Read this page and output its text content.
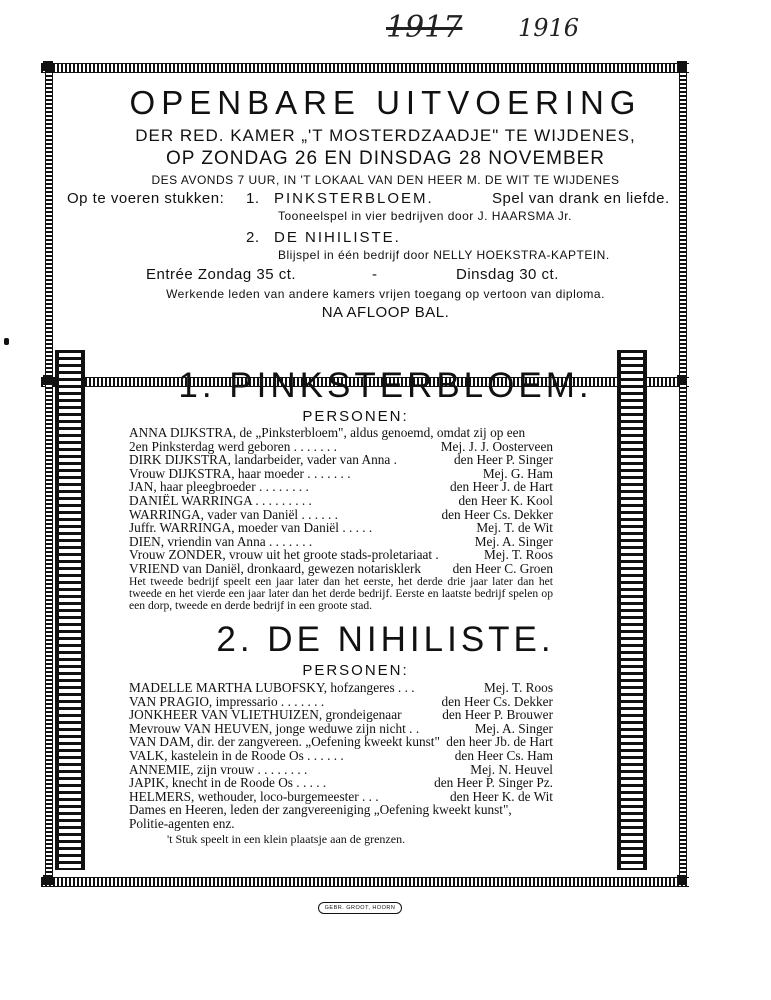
1917 1916
OPENBARE UITVOERING
DER RED. KAMER „'T MOSTERDZAADJE" TE WIJDENES,
OP ZONDAG 26 EN DINSDAG 28 NOVEMBER
DES AVONDS 7 UUR, IN 'T LOKAAL VAN DEN HEER M. DE WIT TE WIJDENES
Op te voeren stukken: 1. PINKSTERBLOEM.	Spel van drank en liefde.
Tooneelspel in vier bedrijven door J. HAARSMA Jr.
2. DE NIHILISTE.
Blijspel in één bedrijf door NELLY HOEKSTRA-KAPTEIN.
Entrée Zondag 35 ct.	-	Dinsdag 30 ct.
Werkende leden van andere kamers vrijen toegang op vertoon van diploma.
NA AFLOOP BAL.
1. PINKSTERBLOEM.
PERSONEN:
ANNA DIJKSTRA, de „Pinksterbloem", aldus genoemd, omdat zij op een
2en Pinksterdag werd geboren . . . . . . .	Mej. J. J. Oosterveen
DIRK DIJKSTRA, landarbeider, vader van Anna .	den Heer P. Singer
Vrouw DIJKSTRA, haar moeder . . . . . . .	Mej. G. Ham
JAN, haar pleegbroeder . . . . . . . .	den Heer J. de Hart
DANIËL WARRINGA . . . . . . . . .	den Heer K. Kool
WARRINGA, vader van Daniël . . . . . .	den Heer Cs. Dekker
Juffr. WARRINGA, moeder van Daniël . . . . .	Mej. T. de Wit
DIEN, vriendin van Anna . . . . . . .	Mej. A. Singer
Vrouw ZONDER, vrouw uit het groote stads-proletariaat .	Mej. T. Roos
VRIEND van Daniël, dronkaard, gewezen notarisklerk den Heer C. Groen
Het tweede bedrijf speelt een jaar later dan het eerste, het derde drie jaar later dan het tweede en het vierde een jaar later dan het derde bedrijf. Eerste en laatste bedrijf spelen op een dorp, tweede en derde bedrijf in een groote stad.
2. DE NIHILISTE.
PERSONEN:
MADELLE MARTHA LUBOFSKY, hofzangeres . . .	Mej. T. Roos
VAN PRAGIO, impressario . . . . . . .	den Heer Cs. Dekker
JONKHEER VAN VLIETHUIZEN, grondeigenaar	den Heer P. Brouwer
Mevrouw VAN HEUVEN, jonge weduwe zijn nicht . .	Mej. A. Singer
VAN DAM, dir. der zangvereen. „Oefening kweekt kunst" den heer Jb. de Hart
VALK, kastelein in de Roode Os . . . . . .	den Heer Cs. Ham
ANNEMIE, zijn vrouw . . . . . . . .	Mej. N. Heuvel
JAPIK, knecht in de Roode Os . . . . .	den Heer P. Singer Pz.
HELMERS, wethouder, loco-burgemeester . . .	den Heer K. de Wit
Dames en Heeren, leden der zangvereeniging „Oefening kweekt kunst",
Politie-agenten enz.
't Stuk speelt in een klein plaatsje aan de grenzen.
GEBR. GROOT, HOORN
